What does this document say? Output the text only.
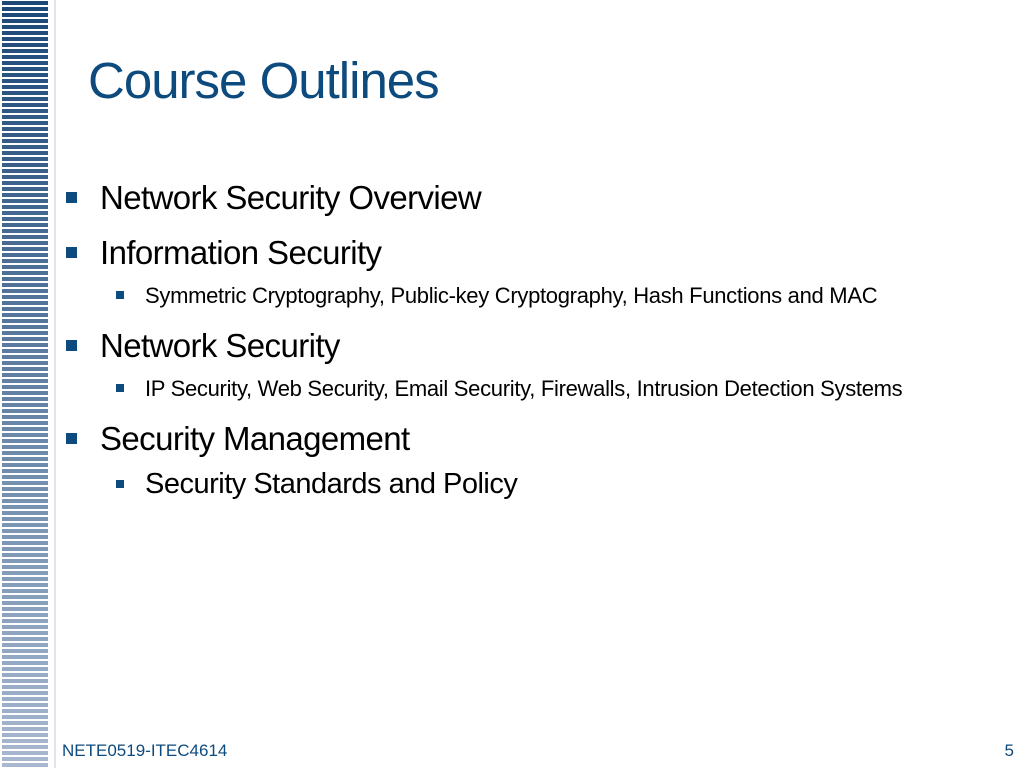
Course Outlines
Network Security Overview
Information Security
Symmetric Cryptography, Public-key Cryptography, Hash Functions and MAC
Network Security
IP Security, Web Security, Email Security, Firewalls, Intrusion Detection Systems
Security Management
Security Standards and Policy
NETE0519-ITEC4614	5
